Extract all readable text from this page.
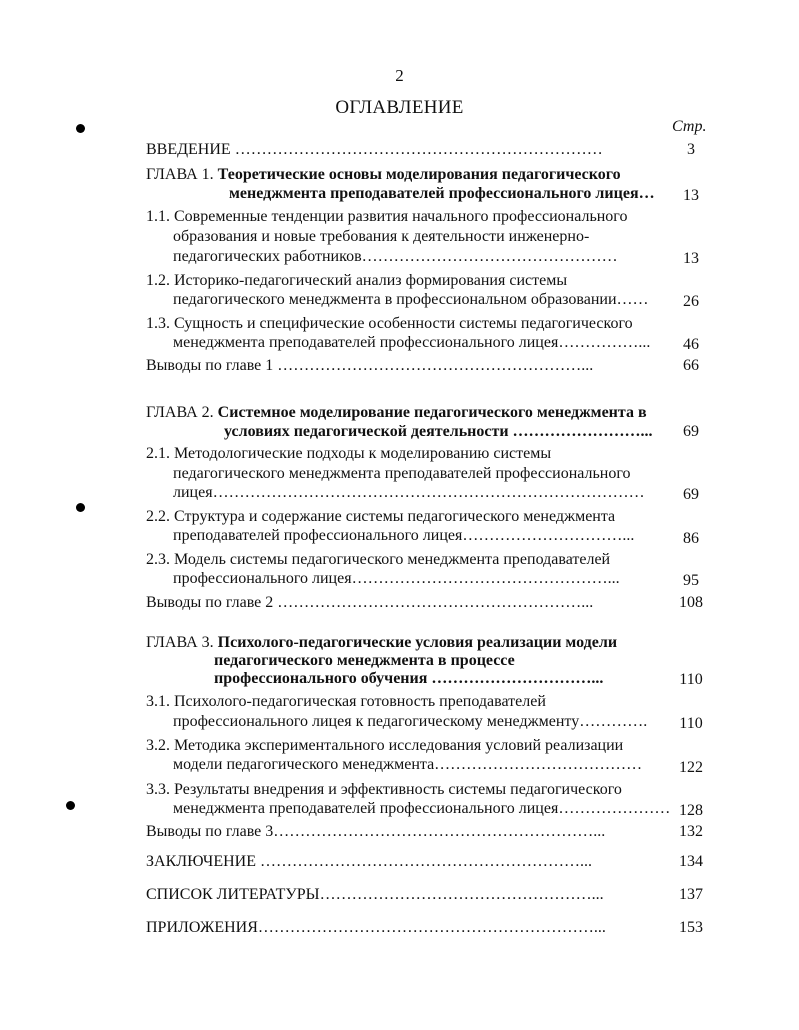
2
ОГЛАВЛЕНИЕ
Стр.
ВВЕДЕНИЕ ……………………………………………………………	3
ГЛАВА 1. Теоретические основы моделирования педагогического
менеджмента преподавателей профессионального лицея…	13
1.1. Современные тенденции развития начального профессионального
образования и новые требования к деятельности инженерно-
педагогических работников…………………………………………	13
1.2. Историко-педагогический анализ формирования системы
педагогического менеджмента в профессиональном образовании……	26
1.3. Сущность и специфические особенности системы педагогического
менеджмента преподавателей профессионального лицея……………...	46
Выводы по главе 1 …………………………………………………...	66
ГЛАВА 2. Системное моделирование педагогического менеджмента в
условиях педагогической деятельности ……………………...	69
2.1. Методологические подходы к моделированию системы
педагогического менеджмента преподавателей профессионального
лицея………………………………………………………………………	69
2.2. Структура и содержание системы педагогического менеджмента
преподавателей профессионального лицея…………………………...	86
2.3. Модель системы педагогического менеджмента преподавателей
профессионального лицея…………………………………………...	95
Выводы по главе 2 …………………………………………………...	108
ГЛАВА 3. Психолого-педагогические условия реализации модели
педагогического менеджмента в процессе
профессионального обучения …………………………...	110
3.1. Психолого-педагогическая готовность преподавателей
профессионального лицея к педагогическому менеджменту………….	110
3.2. Методика экспериментального исследования условий реализации
модели педагогического менеджмента…………………………………	122
3.3. Результаты внедрения и эффективность системы педагогического
менеджмента преподавателей профессионального лицея………………… 128
Выводы по главе 3……………………………………………………...	132
ЗАКЛЮЧЕНИЕ ……………………………………………………...	134
СПИСОК ЛИТЕРАТУРЫ……………………………………………...	137
ПРИЛОЖЕНИЯ………………………………………………………...	153
